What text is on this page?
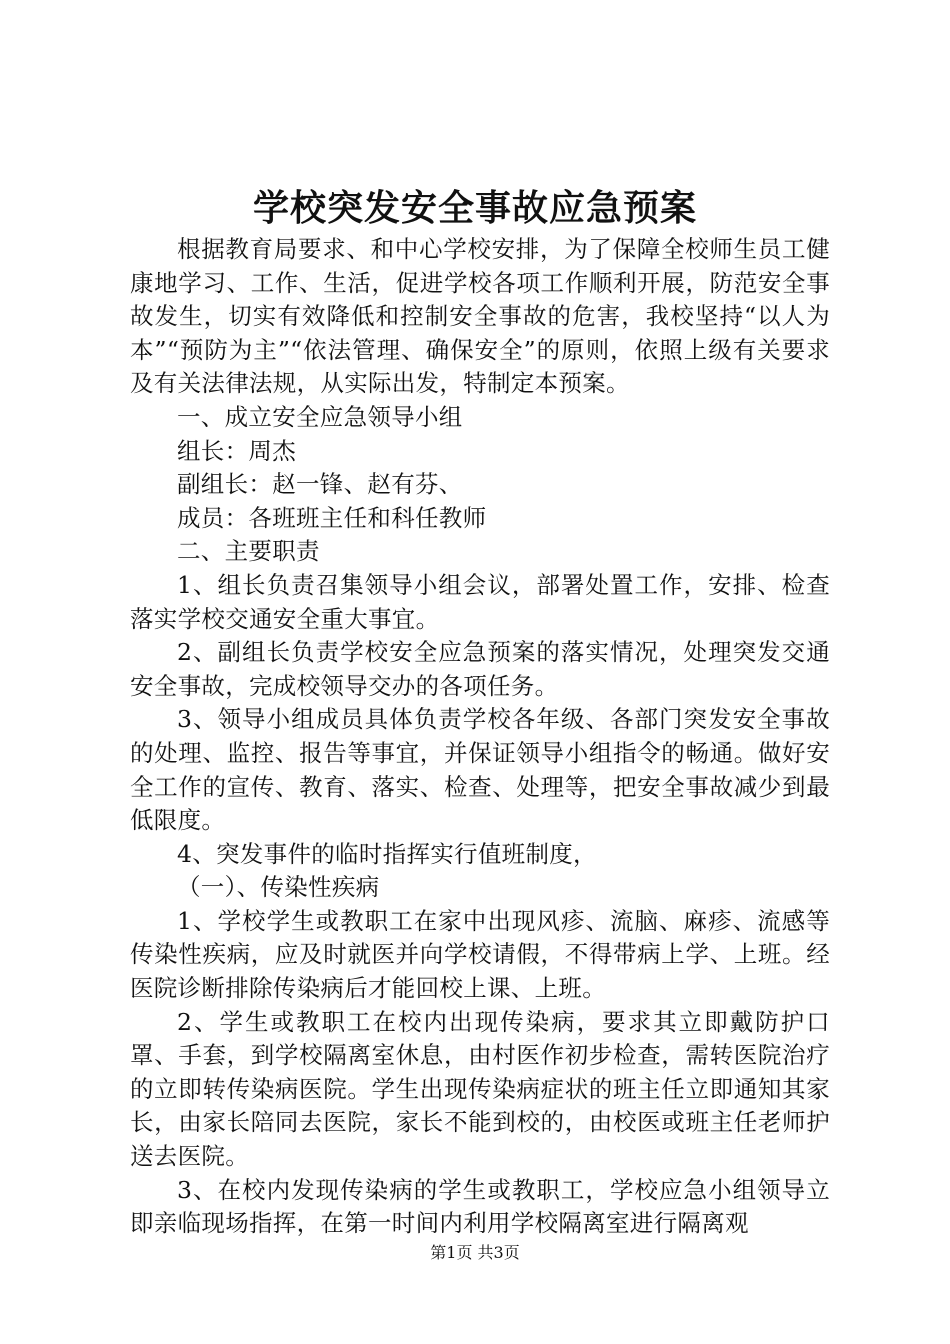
学校突发安全事故应急预案

根据教育局要求、和中心学校安排，为了保障全校师生员工健康地学习、工作、生活，促进学校各项工作顺利开展，防范安全事故发生，切实有效降低和控制安全事故的危害，我校坚持“以人为本”“预防为主”“依法管理、确保安全”的原则，依照上级有关要求及有关法律法规，从实际出发，特制定本预案。

一、成立安全应急领导小组

组长：周杰

副组长：赵一锋、赵有芬、

成员：各班班主任和科任教师

二、主要职责

1、组长负责召集领导小组会议，部署处置工作，安排、检查落实学校交通安全重大事宜。

2、副组长负责学校安全应急预案的落实情况，处理突发交通安全事故，完成校领导交办的各项任务。

3、领导小组成员具体负责学校各年级、各部门突发安全事故的处理、监控、报告等事宜，并保证领导小组指令的畅通。做好安全工作的宣传、教育、落实、检查、处理等，把安全事故减少到最低限度。

4、突发事件的临时指挥实行值班制度，

（一）、传染性疾病

1、学校学生或教职工在家中出现风疹、流脑、麻疹、流感等传染性疾病，应及时就医并向学校请假，不得带病上学、上班。经医院诊断排除传染病后才能回校上课、上班。

2、学生或教职工在校内出现传染病，要求其立即戴防护口罩、手套，到学校隔离室休息，由村医作初步检查，需转医院治疗的立即转传染病医院。学生出现传染病症状的班主任立即通知其家长，由家长陪同去医院，家长不能到校的，由校医或班主任老师护送去医院。

3、在校内发现传染病的学生或教职工，学校应急小组领导立即亲临现场指挥，在第一时间内利用学校隔离室进行隔离观

第1页 共3页
